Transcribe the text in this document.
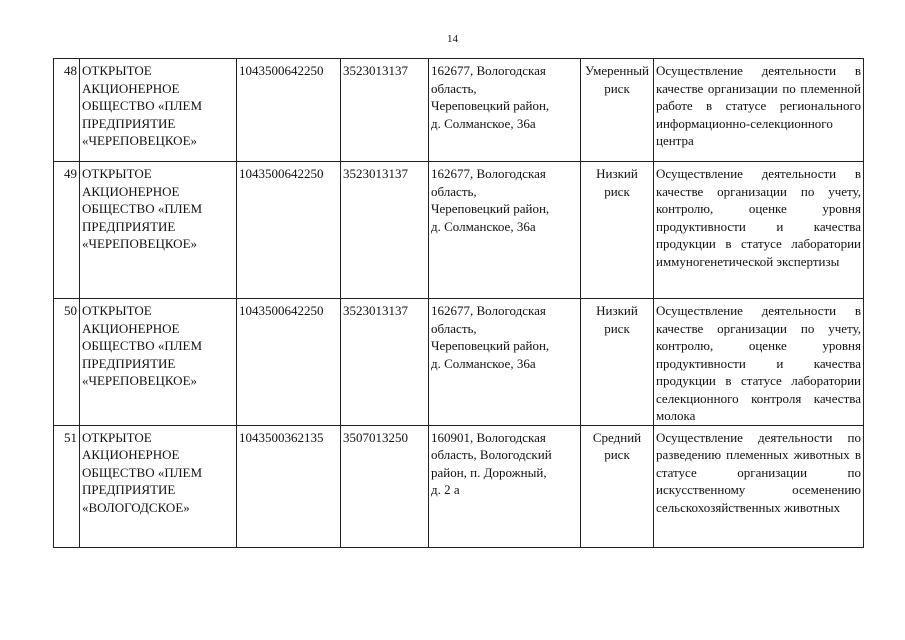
14
48	ОТКРЫТОЕ
АКЦИОНЕРНОЕ
ОБЩЕСТВО «ПЛЕМ
ПРЕДПРИЯТИЕ
«ЧЕРЕПОВЕЦКОЕ»	1043500642250	3523013137	162677, Вологодская
область,
Череповецкий район,
д. Солманское, 36а	Умеренный риск	Осуществление деятельности в качестве организации по племенной работе в статусе регионального информационно-селекционного центра
49	ОТКРЫТОЕ
АКЦИОНЕРНОЕ
ОБЩЕСТВО «ПЛЕМ
ПРЕДПРИЯТИЕ
«ЧЕРЕПОВЕЦКОЕ»	1043500642250	3523013137	162677, Вологодская
область,
Череповецкий район,
д. Солманское, 36а	Низкий риск	Осуществление деятельности в качестве организации по учету, контролю, оценке уровня продуктивности и качества продукции в статусе лаборатории иммуногенетической экспертизы
50	ОТКРЫТОЕ
АКЦИОНЕРНОЕ
ОБЩЕСТВО «ПЛЕМ
ПРЕДПРИЯТИЕ
«ЧЕРЕПОВЕЦКОЕ»	1043500642250	3523013137	162677, Вологодская
область,
Череповецкий район,
д. Солманское, 36а	Низкий риск	Осуществление деятельности в качестве организации по учету, контролю, оценке уровня продуктивности и качества продукции в статусе лаборатории селекционного контроля качества молока
51	ОТКРЫТОЕ
АКЦИОНЕРНОЕ
ОБЩЕСТВО «ПЛЕМ
ПРЕДПРИЯТИЕ
«ВОЛОГОДСКОЕ»	1043500362135	3507013250	160901, Вологодская
область, Вологодский
район, п. Дорожный,
д. 2 а	Средний риск	Осуществление деятельности по разведению племенных животных в статусе организации по искусственному осеменению сельскохозяйственных животных
